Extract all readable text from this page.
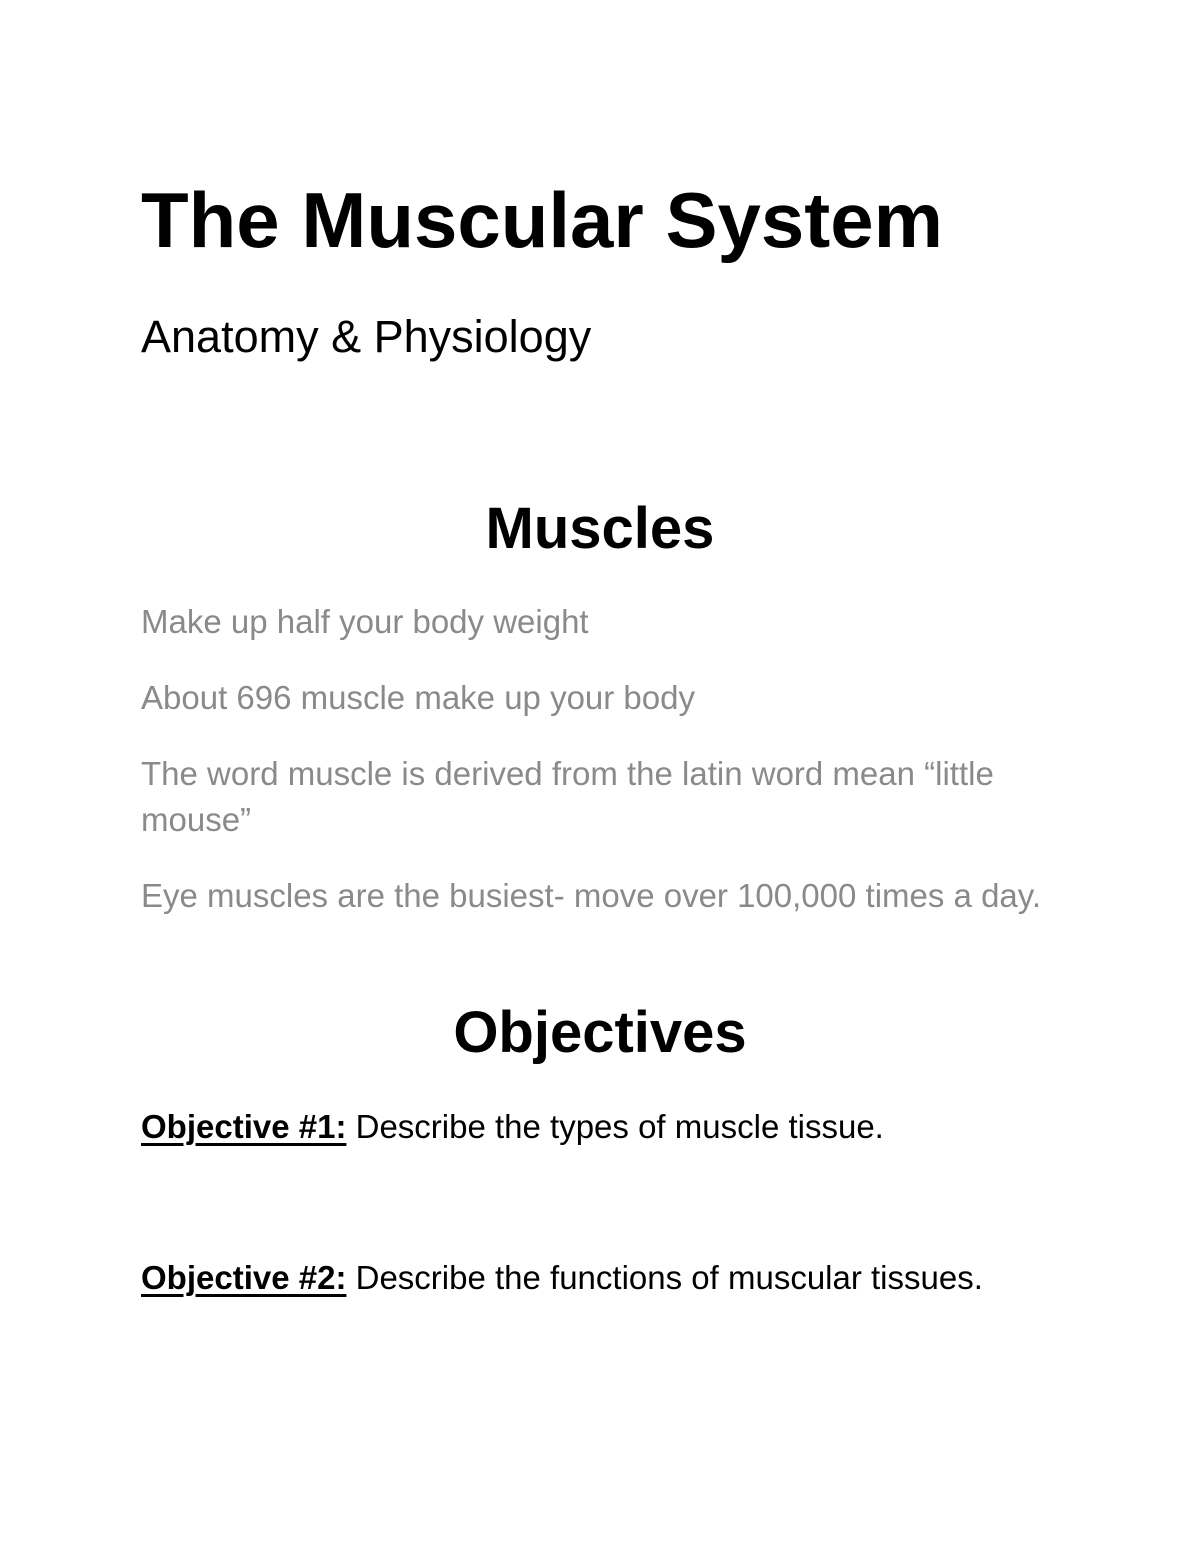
The Muscular System

Anatomy & Physiology

Muscles
Make up half your body weight
About 696 muscle make up your body
The word muscle is derived from the latin word mean “little mouse”
Eye muscles are the busiest- move over 100,000 times a day.
Objectives

Objective #1: Describe the types of muscle tissue.

Objective #2: Describe the functions of muscular tissues.
